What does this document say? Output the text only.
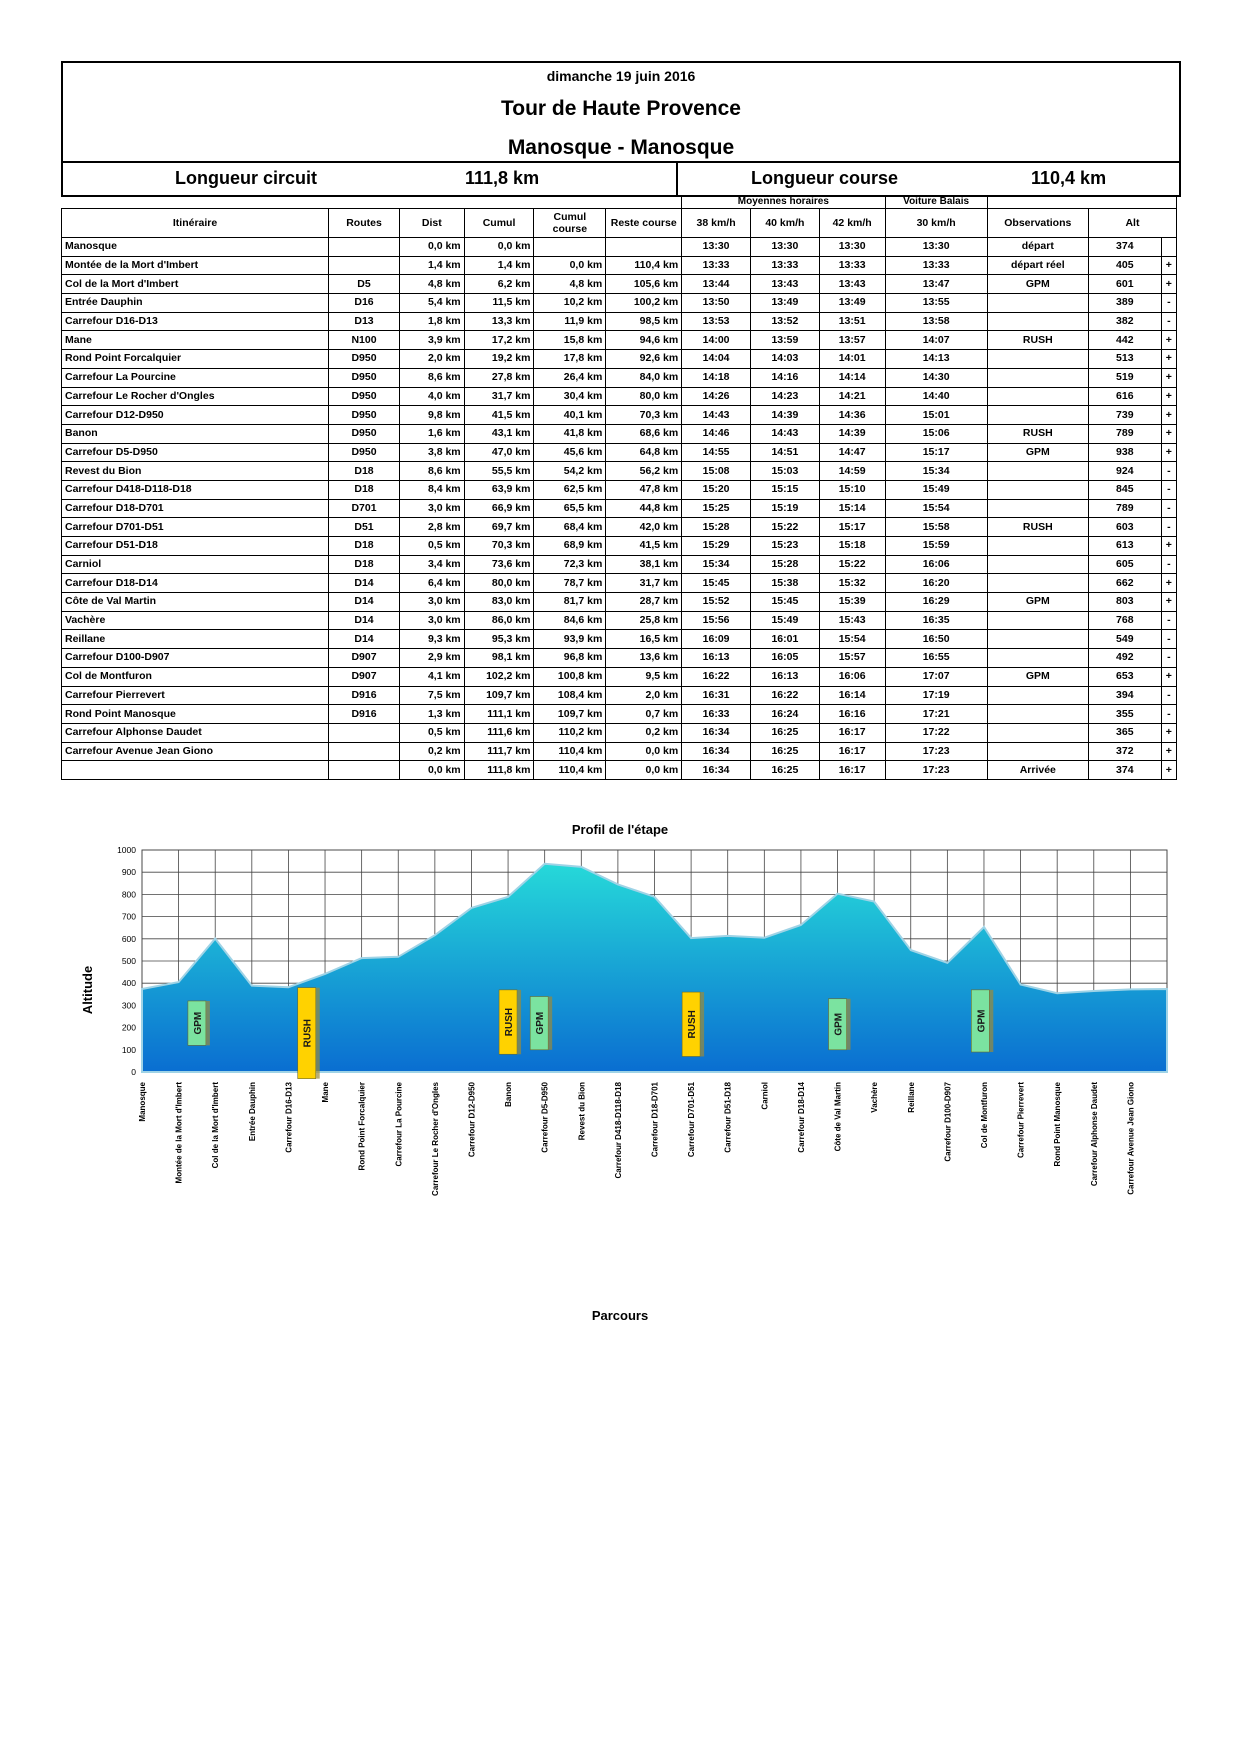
dimanche 19 juin 2016
Tour de Haute Provence
Manosque - Manosque
Longueur circuit	111,8 km	Longueur course	110,4 km
						Moyennes horaires			Voiture Balais			
Itinéraire	Routes	Dist	Cumul	Cumul course	Reste course	38 km/h	40 km/h	42 km/h	30 km/h	Observations	Alt	
Manosque		0,0 km	0,0 km			13:30	13:30	13:30	13:30	départ	374	
Montée de la Mort d'Imbert		1,4 km	1,4 km	0,0 km	110,4 km	13:33	13:33	13:33	13:33	départ réel	405	+
Col de la Mort d'Imbert	D5	4,8 km	6,2 km	4,8 km	105,6 km	13:44	13:43	13:43	13:47	GPM	601	+
Entrée Dauphin	D16	5,4 km	11,5 km	10,2 km	100,2 km	13:50	13:49	13:49	13:55		389	-
Carrefour D16-D13	D13	1,8 km	13,3 km	11,9 km	98,5 km	13:53	13:52	13:51	13:58		382	-
Mane	N100	3,9 km	17,2 km	15,8 km	94,6 km	14:00	13:59	13:57	14:07	RUSH	442	+
Rond Point Forcalquier	D950	2,0 km	19,2 km	17,8 km	92,6 km	14:04	14:03	14:01	14:13		513	+
Carrefour La Pourcine	D950	8,6 km	27,8 km	26,4 km	84,0 km	14:18	14:16	14:14	14:30		519	+
Carrefour Le Rocher d'Ongles	D950	4,0 km	31,7 km	30,4 km	80,0 km	14:26	14:23	14:21	14:40		616	+
Carrefour D12-D950	D950	9,8 km	41,5 km	40,1 km	70,3 km	14:43	14:39	14:36	15:01		739	+
Banon	D950	1,6 km	43,1 km	41,8 km	68,6 km	14:46	14:43	14:39	15:06	RUSH	789	+
Carrefour D5-D950	D950	3,8 km	47,0 km	45,6 km	64,8 km	14:55	14:51	14:47	15:17	GPM	938	+
Revest du Bion	D18	8,6 km	55,5 km	54,2 km	56,2 km	15:08	15:03	14:59	15:34		924	-
Carrefour D418-D118-D18	D18	8,4 km	63,9 km	62,5 km	47,8 km	15:20	15:15	15:10	15:49		845	-
Carrefour D18-D701	D701	3,0 km	66,9 km	65,5 km	44,8 km	15:25	15:19	15:14	15:54		789	-
Carrefour D701-D51	D51	2,8 km	69,7 km	68,4 km	42,0 km	15:28	15:22	15:17	15:58	RUSH	603	-
Carrefour D51-D18	D18	0,5 km	70,3 km	68,9 km	41,5 km	15:29	15:23	15:18	15:59		613	+
Carniol	D18	3,4 km	73,6 km	72,3 km	38,1 km	15:34	15:28	15:22	16:06		605	-
Carrefour D18-D14	D14	6,4 km	80,0 km	78,7 km	31,7 km	15:45	15:38	15:32	16:20		662	+
Côte de Val Martin	D14	3,0 km	83,0 km	81,7 km	28,7 km	15:52	15:45	15:39	16:29	GPM	803	+
Vachère	D14	3,0 km	86,0 km	84,6 km	25,8 km	15:56	15:49	15:43	16:35		768	-
Reillane	D14	9,3 km	95,3 km	93,9 km	16,5 km	16:09	16:01	15:54	16:50		549	-
Carrefour D100-D907	D907	2,9 km	98,1 km	96,8 km	13,6 km	16:13	16:05	15:57	16:55		492	-
Col de Montfuron	D907	4,1 km	102,2 km	100,8 km	9,5 km	16:22	16:13	16:06	17:07	GPM	653	+
Carrefour Pierrevert	D916	7,5 km	109,7 km	108,4 km	2,0 km	16:31	16:22	16:14	17:19		394	-
Rond Point Manosque	D916	1,3 km	111,1 km	109,7 km	0,7 km	16:33	16:24	16:16	17:21		355	-
Carrefour Alphonse Daudet		0,5 km	111,6 km	110,2 km	0,2 km	16:34	16:25	16:17	17:22		365	+
Carrefour Avenue Jean Giono		0,2 km	111,7 km	110,4 km	0,0 km	16:34	16:25	16:17	17:23		372	+
		0,0 km	111,8 km	110,4 km	0,0 km	16:34	16:25	16:17	17:23	Arrivée	374	+
Profil de l'étape
Altitude
Parcours
GPM	RUSH	RUSH GPM	RUSH	GPM	GPM
0
100
200
300
400
500
600
700
800
900
1000
Manosque	Montée de la Mort d'Imbert	Col de la Mort d'Imbert	Entrée Dauphin	Carrefour D16-D13	Mane	Rond Point Forcalquier	Carrefour La Pourcine	Carrefour Le Rocher d'Ongles	Carrefour D12-D950	Banon	Carrefour D5-D950	Revest du Bion	Carrefour D418-D118-D18	Carrefour D18-D701	Carrefour D701-D51	Carrefour D51-D18	Carniol	Carrefour D18-D14	Côte de Val Martin	Vachère	Reillane	Carrefour D100-D907	Col de Montfuron	Carrefour Pierrevert	Rond Point Manosque	Carrefour Alphonse Daudet	Carrefour Avenue Jean Giono
